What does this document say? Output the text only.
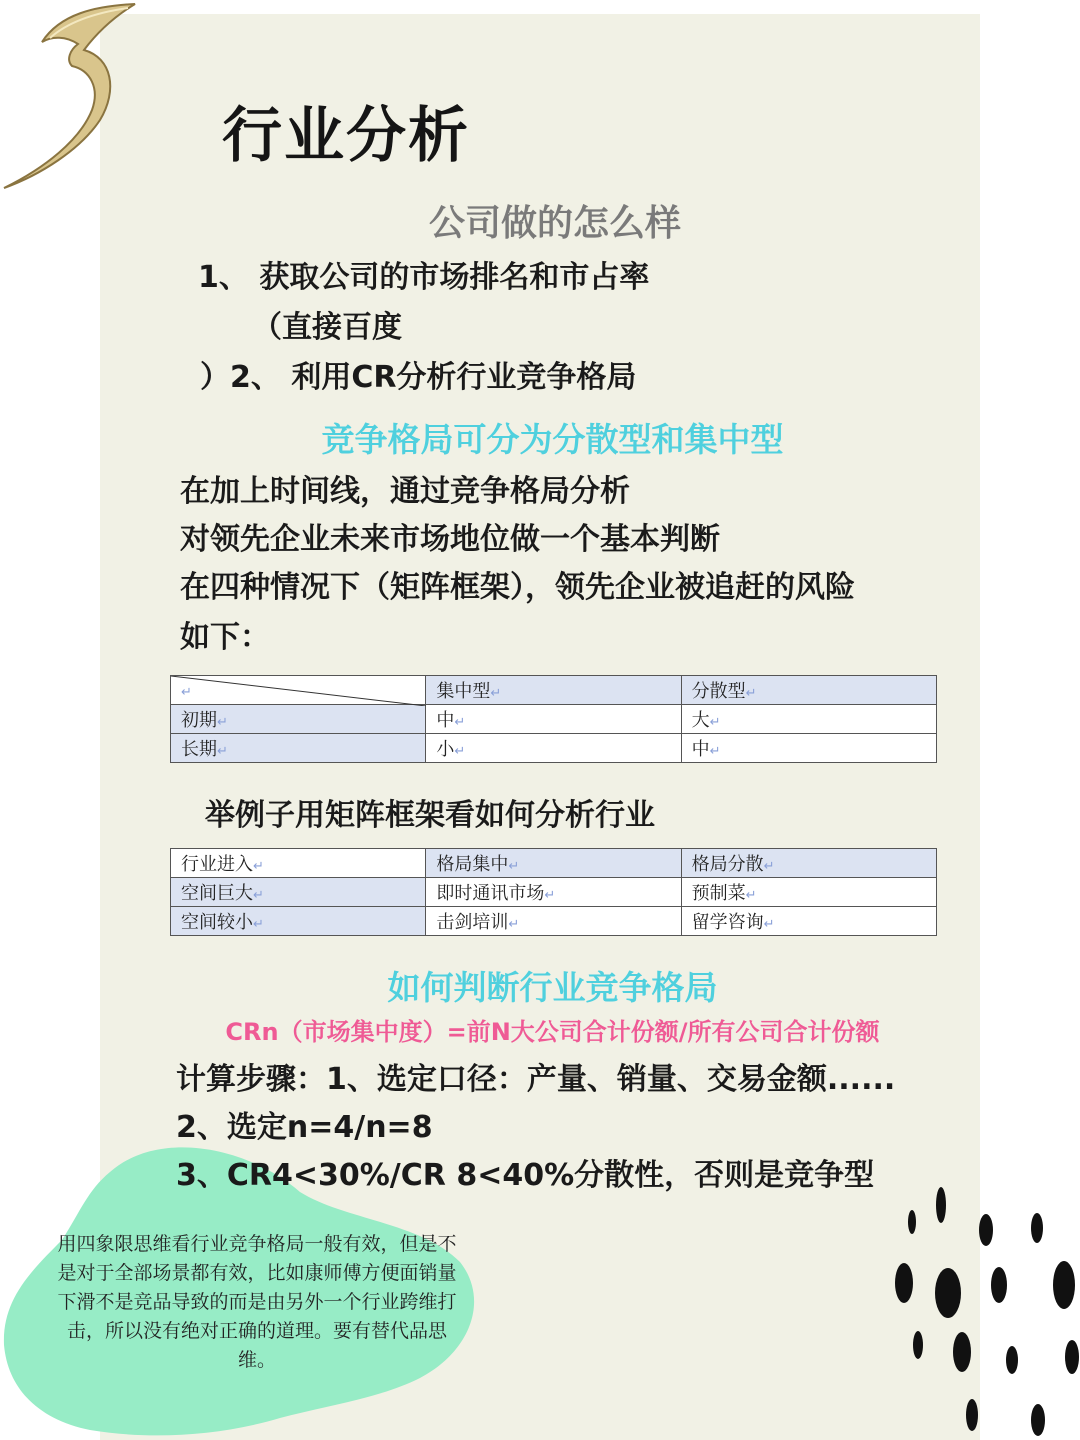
行业分析
公司做的怎么样
1、 获取公司的市场排名和市占率
（直接百度
）2、 利用CR分析行业竞争格局
竞争格局可分为分散型和集中型
在加上时间线，通过竞争格局分析
对领先企业未来市场地位做一个基本判断
在四种情况下（矩阵框架），领先企业被追赶的风险
如下：
↵	集中型↵	分散型↵
初期↵	中↵	大↵
长期↵	小↵	中↵
举例子用矩阵框架看如何分析行业
行业进入↵	格局集中↵	格局分散↵
空间巨大↵	即时通讯市场↵	预制菜↵
空间较小↵	击剑培训↵	留学咨询↵
如何判断行业竞争格局
CRn（市场集中度）=前N大公司合计份额/所有公司合计份额
计算步骤：1、选定口径：产量、销量、交易金额......
2、选定n=4/n=8
3、CR4<30%/CR 8<40%分散性，否则是竞争型
用四象限思维看行业竞争格局一般有效，但是不是对于全部场景都有效，比如康师傅方便面销量下滑不是竞品导致的而是由另外一个行业跨维打击，所以没有绝对正确的道理。要有替代品思维。
